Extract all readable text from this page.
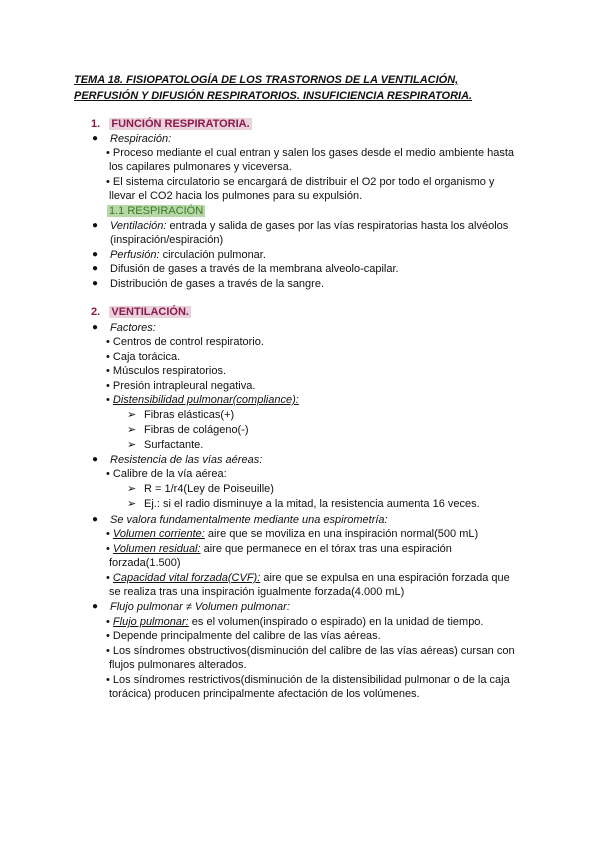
TEMA 18. FISIOPATOLOGÍA DE LOS TRASTORNOS DE LA VENTILACIÓN,
PERFUSIÓN Y DIFUSIÓN RESPIRATORIOS. INSUFICIENCIA RESPIRATORIA.
1. FUNCIÓN RESPIRATORIA.
● Respiración:
• Proceso mediante el cual entran y salen los gases desde el medio ambiente hasta
los capilares pulmonares y viceversa.
• El sistema circulatorio se encargará de distribuir el O2 por todo el organismo y
llevar el CO2 hacia los pulmones para su expulsión.
1.1 RESPIRACIÓN
● Ventilación: entrada y salida de gases por las vías respiratorias hasta los alvéolos
(inspiración/espiración)
● Perfusión: circulación pulmonar.
● Difusión de gases a través de la membrana alveolo-capilar.
● Distribución de gases a través de la sangre.
2. VENTILACIÓN.
● Factores:
• Centros de control respiratorio.
• Caja torácica.
• Músculos respiratorios.
• Presión intrapleural negativa.
• Distensibilidad pulmonar(compliance):
➢ Fibras elásticas(+)
➢ Fibras de colágeno(-)
➢ Surfactante.
● Resistencia de las vías aéreas:
• Calibre de la vía aérea:
➢ R = 1/r4(Ley de Poiseuille)
➢ Ej.: si el radio disminuye a la mitad, la resistencia aumenta 16 veces.
● Se valora fundamentalmente mediante una espirometría:
• Volumen corriente: aire que se moviliza en una inspiración normal(500 mL)
• Volumen residual: aire que permanece en el tórax tras una espiración
forzada(1.500)
• Capacidad vital forzada(CVF): aire que se expulsa en una espiración forzada que
se realiza tras una inspiración igualmente forzada(4.000 mL)
● Flujo pulmonar ≠ Volumen pulmonar:
• Flujo pulmonar: es el volumen(inspirado o espirado) en la unidad de tiempo.
• Depende principalmente del calibre de las vías aéreas.
• Los síndromes obstructivos(disminución del calibre de las vías aéreas) cursan con
flujos pulmonares alterados.
• Los síndromes restrictivos(disminución de la distensibilidad pulmonar o de la caja
torácica) producen principalmente afectación de los volúmenes.
